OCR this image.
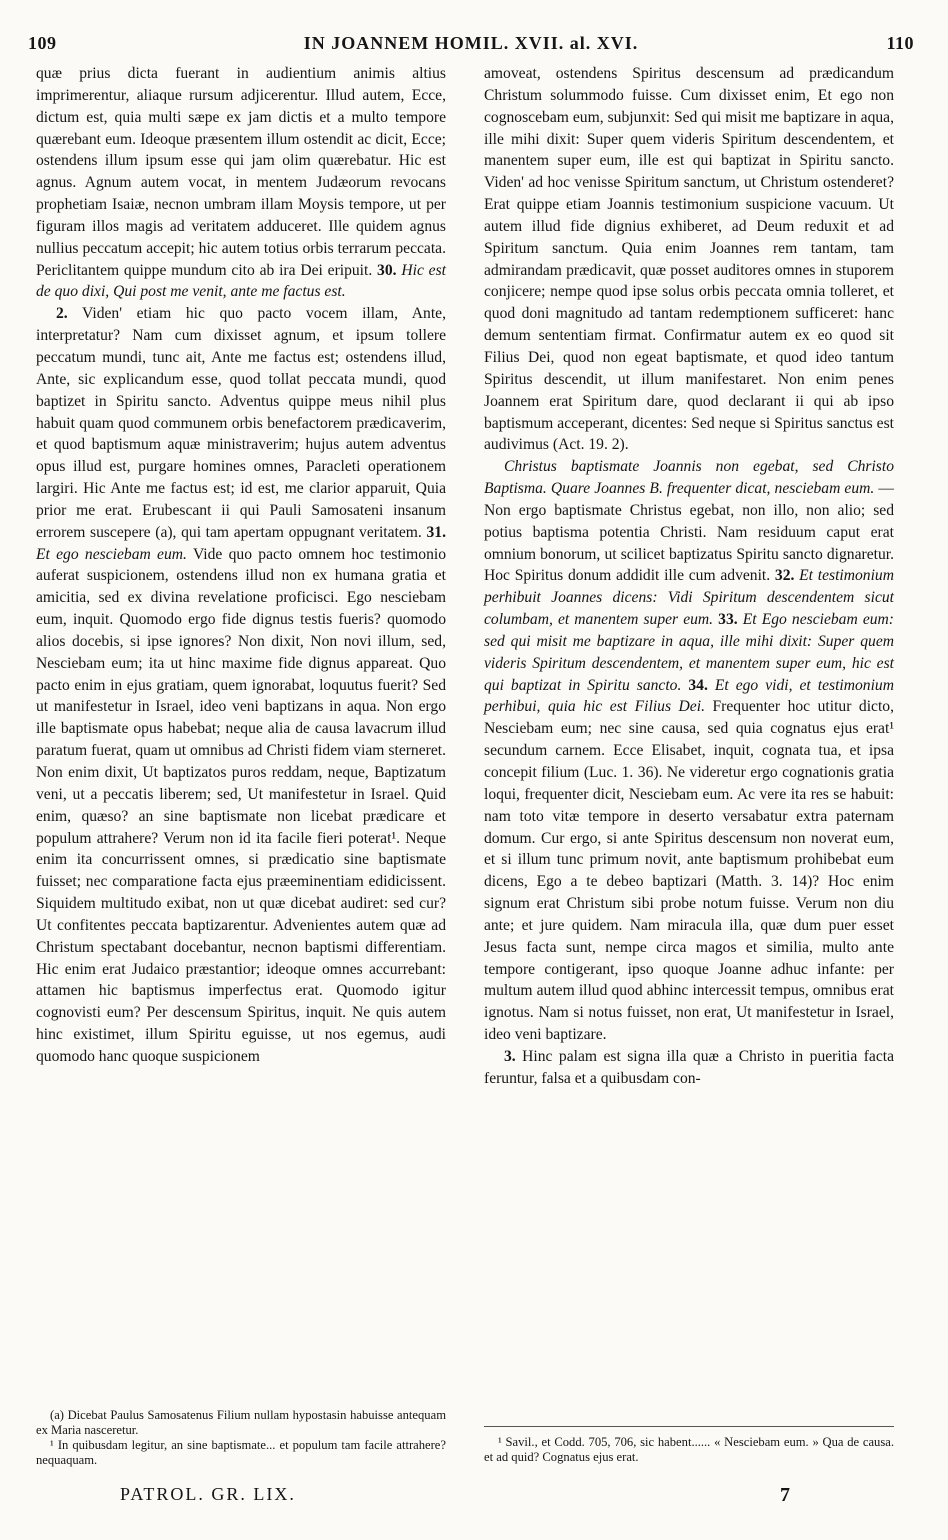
109	IN JOANNEM HOMIL. XVII. al. XVI.	110

quæ prius dicta fuerant in audientium animis altius imprimerentur, aliaque rursum adjicerentur. Illud autem, Ecce, dictum est, quia multi sæpe ex jam dictis et a multo tempore quærebant eum. Ideoque præsentem illum ostendit ac dicit, Ecce; ostendens illum ipsum esse qui jam olim quærebatur. Hic est agnus. Agnum autem vocat, in mentem Judæorum revocans prophetiam Isaiæ, necnon umbram illam Moysis tempore, ut per figuram illos magis ad veritatem adduceret. Ille quidem agnus nullius peccatum accepit; hic autem totius orbis terrarum peccata. Periclitantem quippe mundum cito ab ira Dei eripuit. 30. Hic est de quo dixi, Qui post me venit, ante me factus est.

2. Viden' etiam hic quo pacto vocem illam, Ante, interpretatur? Nam cum dixisset agnum, et ipsum tollere peccatum mundi, tunc ait, Ante me factus est; ostendens illud, Ante, sic explicandum esse, quod tollat peccata mundi, quod baptizet in Spiritu sancto. Adventus quippe meus nihil plus habuit quam quod communem orbis benefactorem prædicaverim, et quod baptismum aquæ ministraverim; hujus autem adventus opus illud est, purgare homines omnes, Paracleti operationem largiri. Hic Ante me factus est; id est, me clarior apparuit, Quia prior me erat. Erubescant ii qui Pauli Samosateni insanum errorem suscepere (a), qui tam apertam oppugnant veritatem. 31. Et ego nesciebam eum. Vide quo pacto omnem hoc testimonio auferat suspicionem, ostendens illud non ex humana gratia et amicitia, sed ex divina revelatione proficisci. Ego nesciebam eum, inquit. Quomodo ergo fide dignus testis fueris? quomodo alios docebis, si ipse ignores? Non dixit, Non novi illum, sed, Nesciebam eum; ita ut hinc maxime fide dignus appareat. Quo pacto enim in ejus gratiam, quem ignorabat, loquutus fuerit? Sed ut manifestetur in Israel, ideo veni baptizans in aqua. Non ergo ille baptismate opus habebat; neque alia de causa lavacrum illud paratum fuerat, quam ut omnibus ad Christi fidem viam sterneret. Non enim dixit, Ut baptizatos puros reddam, neque, Baptizatum veni, ut a peccatis liberem; sed, Ut manifestetur in Israel. Quid enim, quæso? an sine baptismate non licebat prædicare et populum attrahere? Verum non id ita facile fieri poterat¹. Neque enim ita concurrissent omnes, si prædicatio sine baptismate fuisset; nec comparatione facta ejus præeminentiam edidicissent. Siquidem multitudo exibat, non ut quæ dicebat audiret: sed cur? Ut confitentes peccata baptizarentur. Advenientes autem quæ ad Christum spectabant docebantur, necnon baptismi differentiam. Hic enim erat Judaico præstantior; ideoque omnes accurrebant: attamen hic baptismus imperfectus erat. Quomodo igitur cognovisti eum? Per descensum Spiritus, inquit. Ne quis autem hinc existimet, illum Spiritu eguisse, ut nos egemus, audi quomodo hanc quoque suspicionem

amoveat, ostendens Spiritus descensum ad prædicandum Christum solummodo fuisse. Cum dixisset enim, Et ego non cognoscebam eum, subjunxit: Sed qui misit me baptizare in aqua, ille mihi dixit: Super quem videris Spiritum descendentem, et manentem super eum, ille est qui baptizat in Spiritu sancto. Viden' ad hoc venisse Spiritum sanctum, ut Christum ostenderet? Erat quippe etiam Joannis testimonium suspicione vacuum. Ut autem illud fide dignius exhiberet, ad Deum reduxit et ad Spiritum sanctum. Quia enim Joannes rem tantam, tam admirandam prædicavit, quæ posset auditores omnes in stuporem conjicere; nempe quod ipse solus orbis peccata omnia tolleret, et quod doni magnitudo ad tantam redemptionem sufficeret: hanc demum sententiam firmat. Confirmatur autem ex eo quod sit Filius Dei, quod non egeat baptismate, et quod ideo tantum Spiritus descendit, ut illum manifestaret. Non enim penes Joannem erat Spiritum dare, quod declarant ii qui ab ipso baptismum acceperant, dicentes: Sed neque si Spiritus sanctus est audivimus (Act. 19. 2).

Christus baptismate Joannis non egebat, sed Christo Baptisma. Quare Joannes B. frequenter dicat, nesciebam eum. — Non ergo baptismate Christus egebat, non illo, non alio; sed potius baptisma potentia Christi. Nam residuum caput erat omnium bonorum, ut scilicet baptizatus Spiritu sancto dignaretur. Hoc Spiritus donum addidit ille cum advenit. 32. Et testimonium perhibuit Joannes dicens: Vidi Spiritum descendentem sicut columbam, et manentem super eum. 33. Et Ego nesciebam eum: sed qui misit me baptizare in aqua, ille mihi dixit: Super quem videris Spiritum descendentem, et manentem super eum, hic est qui baptizat in Spiritu sancto. 34. Et ego vidi, et testimonium perhibui, quia hic est Filius Dei. Frequenter hoc utitur dicto, Nesciebam eum; nec sine causa, sed quia cognatus ejus erat¹ secundum carnem. Ecce Elisabet, inquit, cognata tua, et ipsa concepit filium (Luc. 1. 36). Ne videretur ergo cognationis gratia loqui, frequenter dicit, Nesciebam eum. Ac vere ita res se habuit: nam toto vitæ tempore in deserto versabatur extra paternam domum. Cur ergo, si ante Spiritus descensum non noverat eum, et si illum tunc primum novit, ante baptismum prohibebat eum dicens, Ego a te debeo baptizari (Matth. 3. 14)? Hoc enim signum erat Christum sibi probe notum fuisse. Verum non diu ante; et jure quidem. Nam miracula illa, quæ dum puer esset Jesus facta sunt, nempe circa magos et similia, multo ante tempore contigerant, ipso quoque Joanne adhuc infante: per multum autem illud quod abhinc intercessit tempus, omnibus erat ignotus. Nam si notus fuisset, non erat, Ut manifestetur in Israel, ideo veni baptizare.

3. Hinc palam est signa illa quæ a Christo in pueritia facta feruntur, falsa et a quibusdam con-

(a) Dicebat Paulus Samosatenus Filium nullam hypostasin habuisse antequam ex Maria nasceretur.

¹ In quibusdam legitur, an sine baptismate... et populum tam facile attrahere? nequaquam.

¹ Savil., et Codd. 705, 706, sic habent...... « Nesciebam eum. » Qua de causa. et ad quid? Cognatus ejus erat.

PATROL. GR. LIX.	7
